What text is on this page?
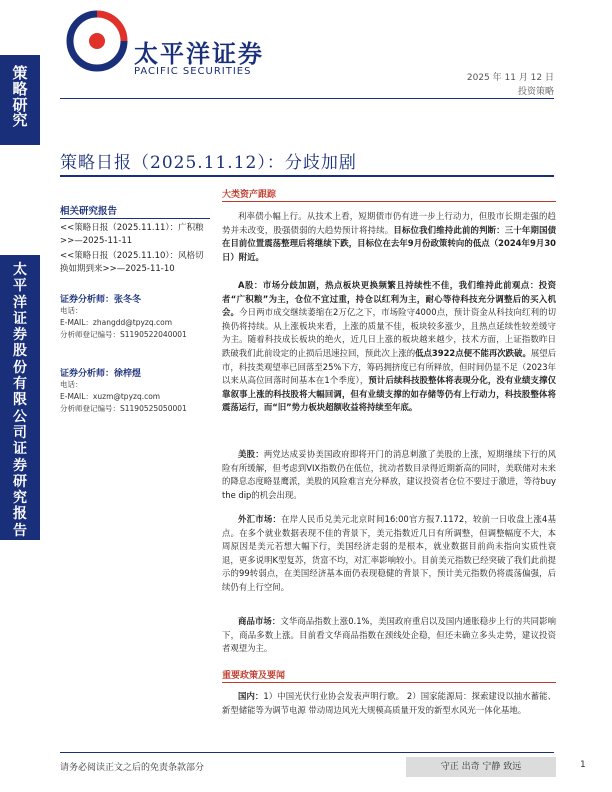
策
略
研
究
太
平
洋
证
券
股
份
有
限
公
司
证
券
研
究
报
告
太平洋证券
PACIFIC SECURITIES
2025 年 11 月 12 日
投资策略
策略日报（2025.11.12）：分歧加剧
相关研究报告
<<策略日报（2025.11.11）：广积粮>>—2025-11-11
<<策略日报（2025.11.10）：风格切换如期到来>>—2025-11-10
证券分析师：张冬冬
电话：
E-MAIL：zhangdd@tpyzq.com
分析师登记编号：S1190522040001
证券分析师：徐梓煜
电话：
E-MAIL：xuzm@tpyzq.com
分析师登记编号：S1190525050001
大类资产跟踪
利率债小幅上行。从技术上看，短期债市仍有进一步上行动力，但股市长期走强的趋势并未改变，股强债弱的大趋势预计将持续。目标位我们维持此前的判断：三十年期国债在目前位置震荡整理后将继续下跌，目标位在去年9月份政策转向的低点（2024年9月30日）附近。
A股：市场分歧加剧，热点板块更换频繁且持续性不佳，我们维持此前观点：投资者“广积粮”为主，仓位不宜过重，持仓以红利为主，耐心等待科技充分调整后的买入机会。今日两市成交继续萎缩在2万亿之下，市场险守4000点，预计资金从科技向红利的切换仍将持续。从上涨板块来看，上涨的质量不佳，板块较多涨少，且热点延续性较差缓守为主。随着科技成长板块的绝火，近几日上涨的板块越来越少，技术方面，上证指数昨日跌破我们此前设定的止损后迅速拉回，预此次上涨的低点3922点便不能再次跌破。展望后市，科技类观望率已回落至25%下方，筹码拥挤度已有所释放，但时间仍显不足（2023年以来从高位回落时间基本在1个季度），预计后续科技股整体将表现分化，没有业绩支撑仅靠叙事上涨的科技股将大幅回调，但有业绩支撑的如存储等仍有上行动力，科技股整体将震荡运行，而“旧”势力板块超额收益将持续至年底。
美股：两党达成妥协美国政府即将开门的消息刺激了美股的上涨，短期继续下行的风险有所缓解，但考虑到VIX指数仍在低位，扰动者数目录得近期新高的同时，美联储对未来的降息态度略显鹰派，美股的风险难言充分释放，建议投资者仓位不要过于激进，等待buy the dip的机会出现。
外汇市场：在岸人民币兑美元北京时间16:00官方报7.1172，较前一日收盘上涨4基点。在多个就业数据表现不佳的背景下，美元指数近几日有所调整，但调整幅度不大，本周原因是美元若想大幅下行，美国经济走弱的是根本，就业数据目前尚未指向实质性衰退，更多说明K型复苏，货富不均，对汇率影响较小。目前美元指数已经突破了我们此前提示的99转弱点，在美国经济基本面仍表现稳健的背景下，预计美元指数仍将震荡偏强，后续仍有上行空间。
商品市场：文华商品指数上涨0.1%，美国政府重启以及国内通胀稳步上行的共同影响下，商品多数上涨。目前看文华商品指数在颈线处企稳，但还未确立多头走势，建议投资者观望为主。
重要政策及要闻
国内：1）中国光伏行业协会发表声明行歌。 2）国家能源局：探索建设以抽水蓄能、新型储能等为调节电源 带动周边风光大规模高质量开发的新型水风光一体化基地。
请务必阅读正文之后的免责条款部分	守正 出奇 宁静 致远	1
